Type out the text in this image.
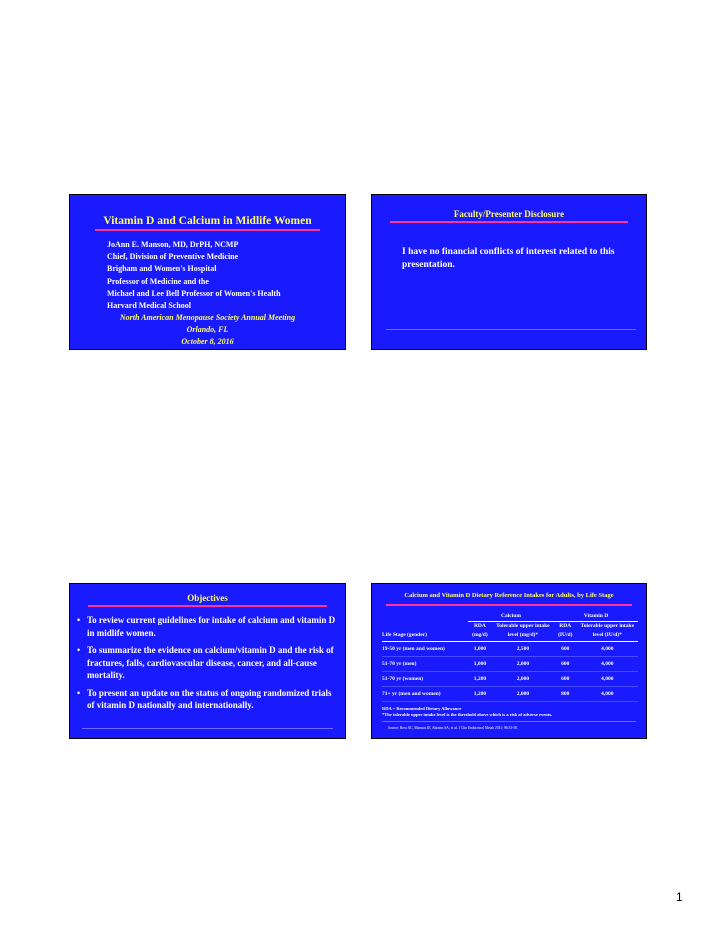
Vitamin D and Calcium in Midlife Women
JoAnn E. Manson, MD, DrPH, NCMP
Chief, Division of Preventive Medicine
Brigham and Women's Hospital
Professor of Medicine and the
Michael and Lee Bell Professor of Women's Health
Harvard Medical School
North American Menopause Society Annual Meeting
Orlando, FL
October 8, 2016
Faculty/Presenter Disclosure
I have no financial conflicts of interest related to this presentation.
Objectives
• To review current guidelines for intake of calcium and vitamin D in midlife women.
• To summarize the evidence on calcium/vitamin D and the risk of fractures, falls, cardiovascular disease, cancer, and all-cause mortality.
• To present an update on the status of ongoing randomized trials of vitamin D nationally and internationally.
Calcium and Vitamin D Dietary Reference Intakes for Adults, by Life Stage
	Calcium		Vitamin D	
Life Stage (gender)	RDA (mg/d)	Tolerable upper intake level (mg/d)*	RDA (IU/d)	Tolerable upper intake level (IU/d)*
19-50 yr (men and women)	1,000	2,500	600	4,000
51-70 yr (men)	1,000	2,000	600	4,000
51-70 yr (women)	1,200	2,000	600	4,000
71+ yr (men and women)	1,200	2,000	800	4,000
RDA = Recommended Dietary Allowance
*The tolerable upper intake level is the threshold above which is a risk of adverse events.
Source: Ross AC, Manson JE, Abrams SA, et al. J Clin Endocrinol Metab 2011; 96:53-58.
1
